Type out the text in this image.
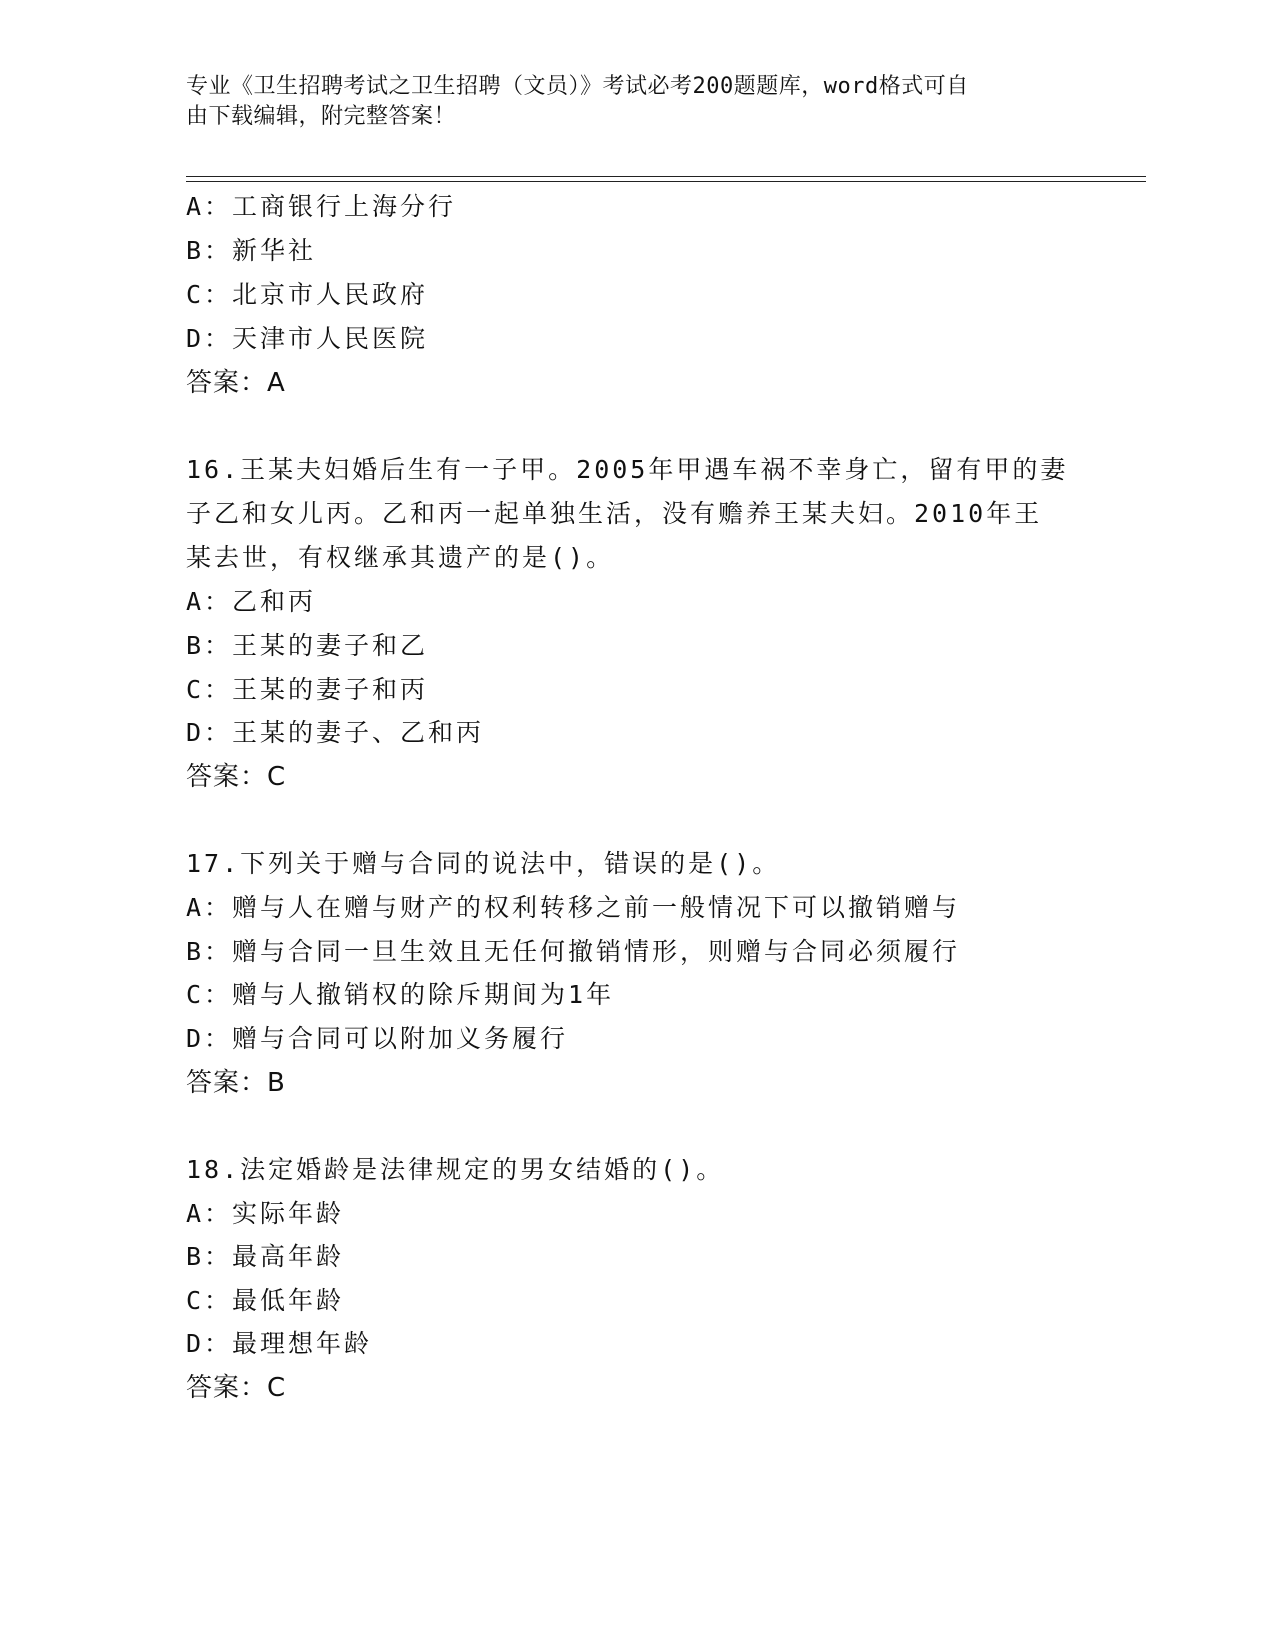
专业《卫生招聘考试之卫生招聘（文员）》考试必考200题题库，word格式可自
由下载编辑，附完整答案！
A：工商银行上海分行
B：新华社
C：北京市人民政府
D：天津市人民医院
答案：A
16.王某夫妇婚后生有一子甲。2005年甲遇车祸不幸身亡，留有甲的妻
子乙和女儿丙。乙和丙一起单独生活，没有赡养王某夫妇。2010年王
某去世，有权继承其遗产的是()。
A：乙和丙
B：王某的妻子和乙
C：王某的妻子和丙
D：王某的妻子、乙和丙
答案：C
17.下列关于赠与合同的说法中，错误的是()。
A：赠与人在赠与财产的权利转移之前一般情况下可以撤销赠与
B：赠与合同一旦生效且无任何撤销情形，则赠与合同必须履行
C：赠与人撤销权的除斥期间为1年
D：赠与合同可以附加义务履行
答案：B
18.法定婚龄是法律规定的男女结婚的()。
A：实际年龄
B：最高年龄
C：最低年龄
D：最理想年龄
答案：C
